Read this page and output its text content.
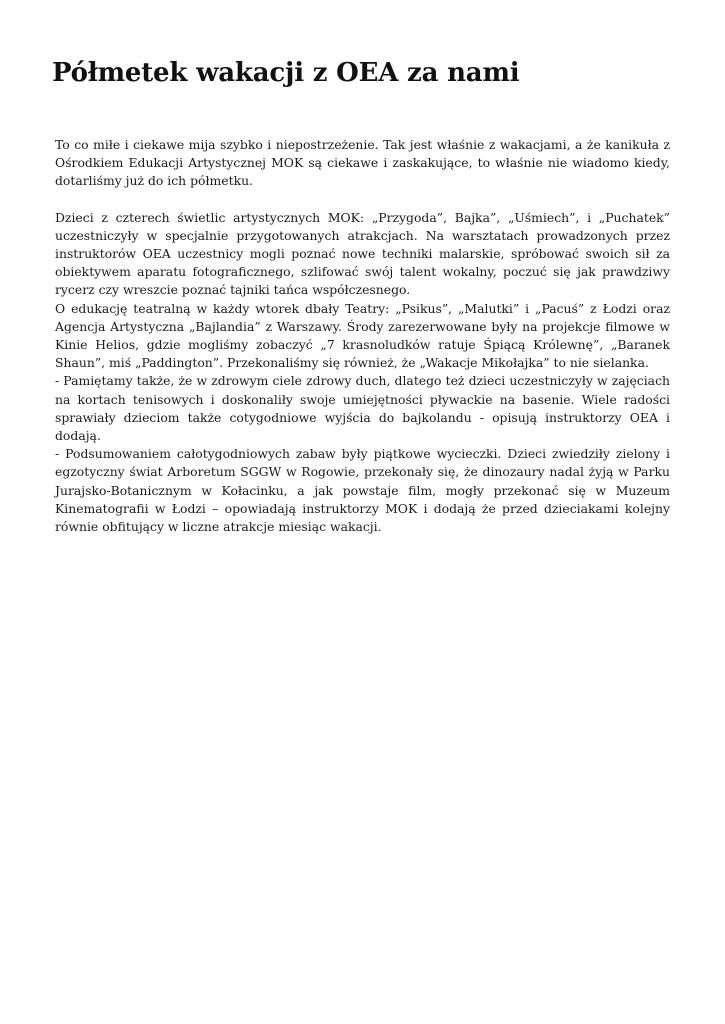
Półmetek wakacji z OEA za nami

To co miłe i ciekawe mija szybko i niepostrzeżenie. Tak jest właśnie z wakacjami, a że kanikuła z Ośrodkiem Edukacji Artystycznej MOK są ciekawe i zaskakujące, to właśnie nie wiadomo kiedy, dotarliśmy już do ich półmetku.

Dzieci z czterech świetlic artystycznych MOK: „Przygoda”, Bajka”, „Uśmiech”, i „Puchatek” uczestniczyły w specjalnie przygotowanych atrakcjach. Na warsztatach prowadzonych przez instruktorów OEA uczestnicy mogli poznać nowe techniki malarskie, spróbować swoich sił za obiektywem aparatu fotograficznego, szlifować swój talent wokalny, poczuć się jak prawdziwy rycerz czy wreszcie poznać tajniki tańca współczesnego.

O edukację teatralną w każdy wtorek dbały Teatry: „Psikus”, „Malutki” i „Pacuś” z Łodzi oraz Agencja Artystyczna „Bajlandia” z Warszawy. Środy zarezerwowane były na projekcje filmowe w Kinie Helios, gdzie mogliśmy zobaczyć „7 krasnoludków ratuje Śpiącą Królewnę”, „Baranek Shaun”, miś „Paddington”. Przekonaliśmy się również, że „Wakacje Mikołajka” to nie sielanka.

- Pamiętamy także, że w zdrowym ciele zdrowy duch, dlatego też dzieci uczestniczyły w zajęciach na kortach tenisowych i doskonaliły swoje umiejętności pływackie na basenie. Wiele radości sprawiały dzieciom także cotygodniowe wyjścia do bajkolandu - opisują instruktorzy OEA i dodają.

- Podsumowaniem całotygodniowych zabaw były piątkowe wycieczki. Dzieci zwiedziły zielony i egzotyczny świat Arboretum SGGW w Rogowie, przekonały się, że dinozaury nadal żyją w Parku Jurajsko-Botanicznym w Kołacinku, a jak powstaje film, mogły przekonać się w Muzeum Kinematografii w Łodzi – opowiadają instruktorzy MOK i dodają że przed dzieciakami kolejny równie obfitujący w liczne atrakcje miesiąc wakacji.
